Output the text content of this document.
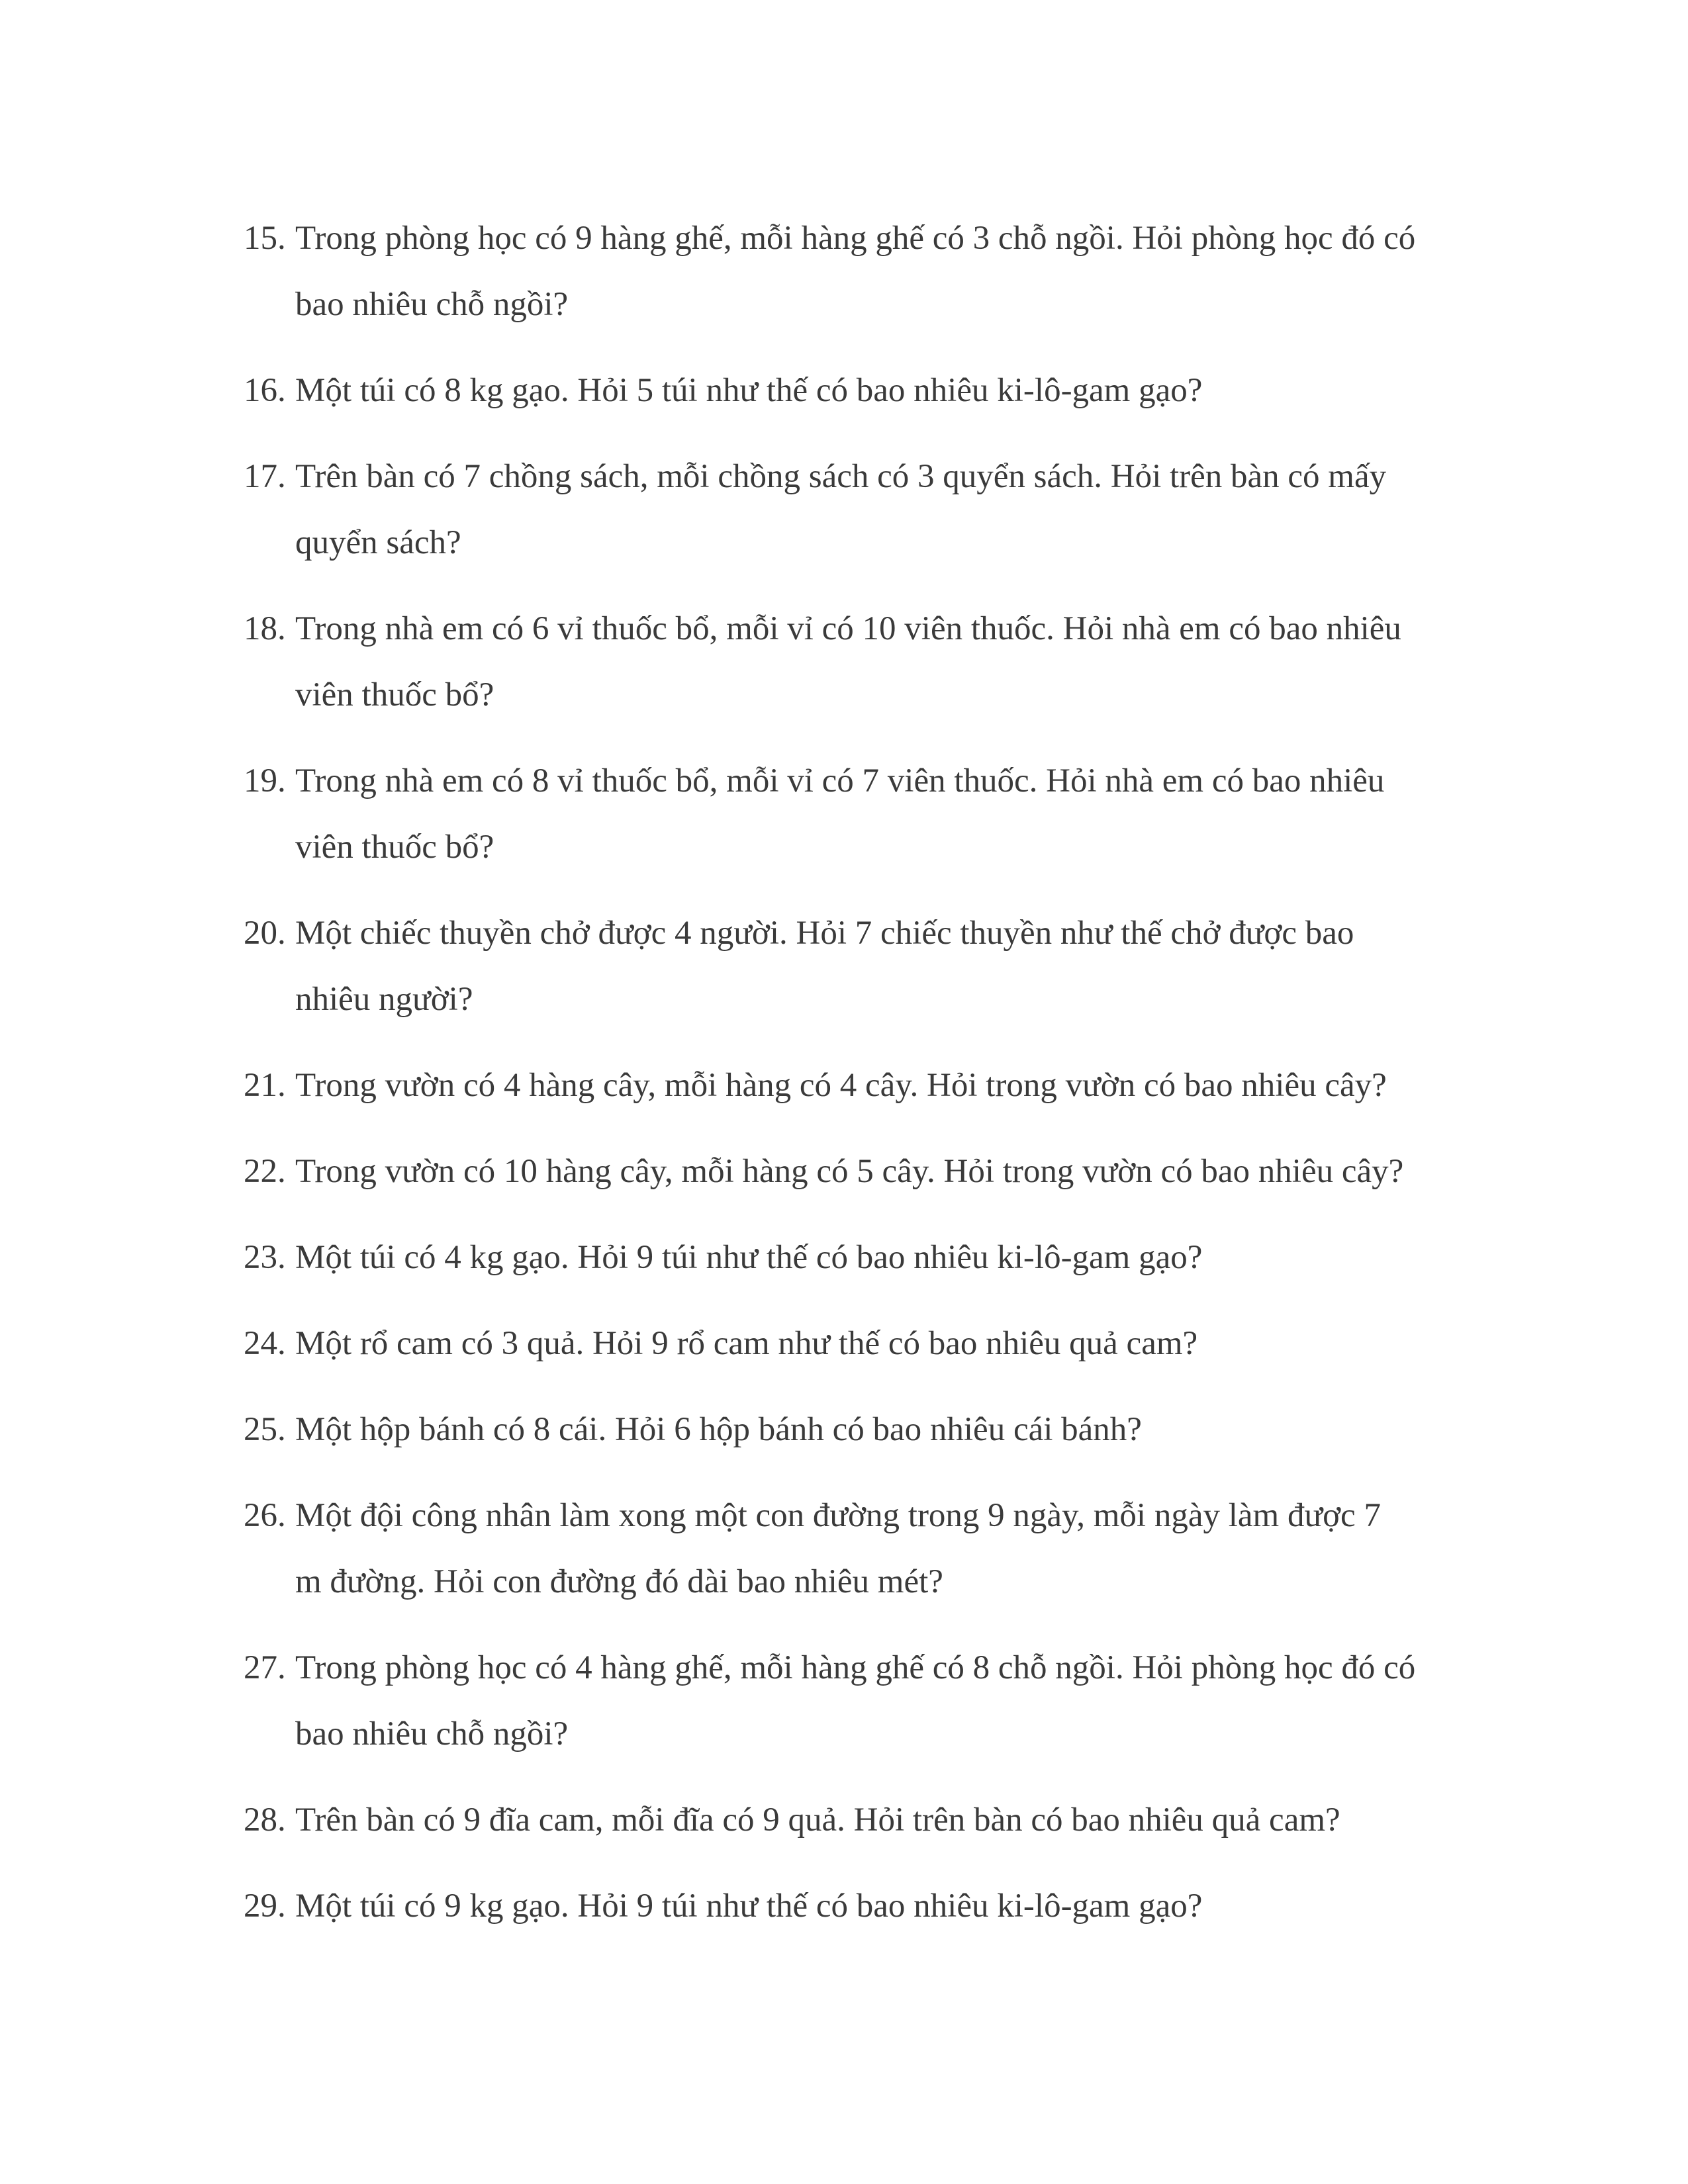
15. Trong phòng học có 9 hàng ghế, mỗi hàng ghế có 3 chỗ ngồi. Hỏi phòng học đó có
bao nhiêu chỗ ngồi?
16. Một túi có 8 kg gạo. Hỏi 5 túi như thế có bao nhiêu ki-lô-gam gạo?
17. Trên bàn có 7 chồng sách, mỗi chồng sách có 3 quyển sách. Hỏi trên bàn có mấy
quyển sách?
18. Trong nhà em có 6 vỉ thuốc bổ, mỗi vỉ có 10 viên thuốc. Hỏi nhà em có bao nhiêu
viên thuốc bổ?
19. Trong nhà em có 8 vỉ thuốc bổ, mỗi vỉ có 7 viên thuốc. Hỏi nhà em có bao nhiêu
viên thuốc bổ?
20. Một chiếc thuyền chở được 4 người. Hỏi 7 chiếc thuyền như thế chở được bao
nhiêu người?
21. Trong vườn có 4 hàng cây, mỗi hàng có 4 cây. Hỏi trong vườn có bao nhiêu cây?
22. Trong vườn có 10 hàng cây, mỗi hàng có 5 cây. Hỏi trong vườn có bao nhiêu cây?
23. Một túi có 4 kg gạo. Hỏi 9 túi như thế có bao nhiêu ki-lô-gam gạo?
24. Một rổ cam có 3 quả. Hỏi 9 rổ cam như thế có bao nhiêu quả cam?
25. Một hộp bánh có 8 cái. Hỏi 6 hộp bánh có bao nhiêu cái bánh?
26. Một đội công nhân làm xong một con đường trong 9 ngày, mỗi ngày làm được 7
m đường. Hỏi con đường đó dài bao nhiêu mét?
27. Trong phòng học có 4 hàng ghế, mỗi hàng ghế có 8 chỗ ngồi. Hỏi phòng học đó có
bao nhiêu chỗ ngồi?
28. Trên bàn có 9 đĩa cam, mỗi đĩa có 9 quả. Hỏi trên bàn có bao nhiêu quả cam?
29. Một túi có 9 kg gạo. Hỏi 9 túi như thế có bao nhiêu ki-lô-gam gạo?
